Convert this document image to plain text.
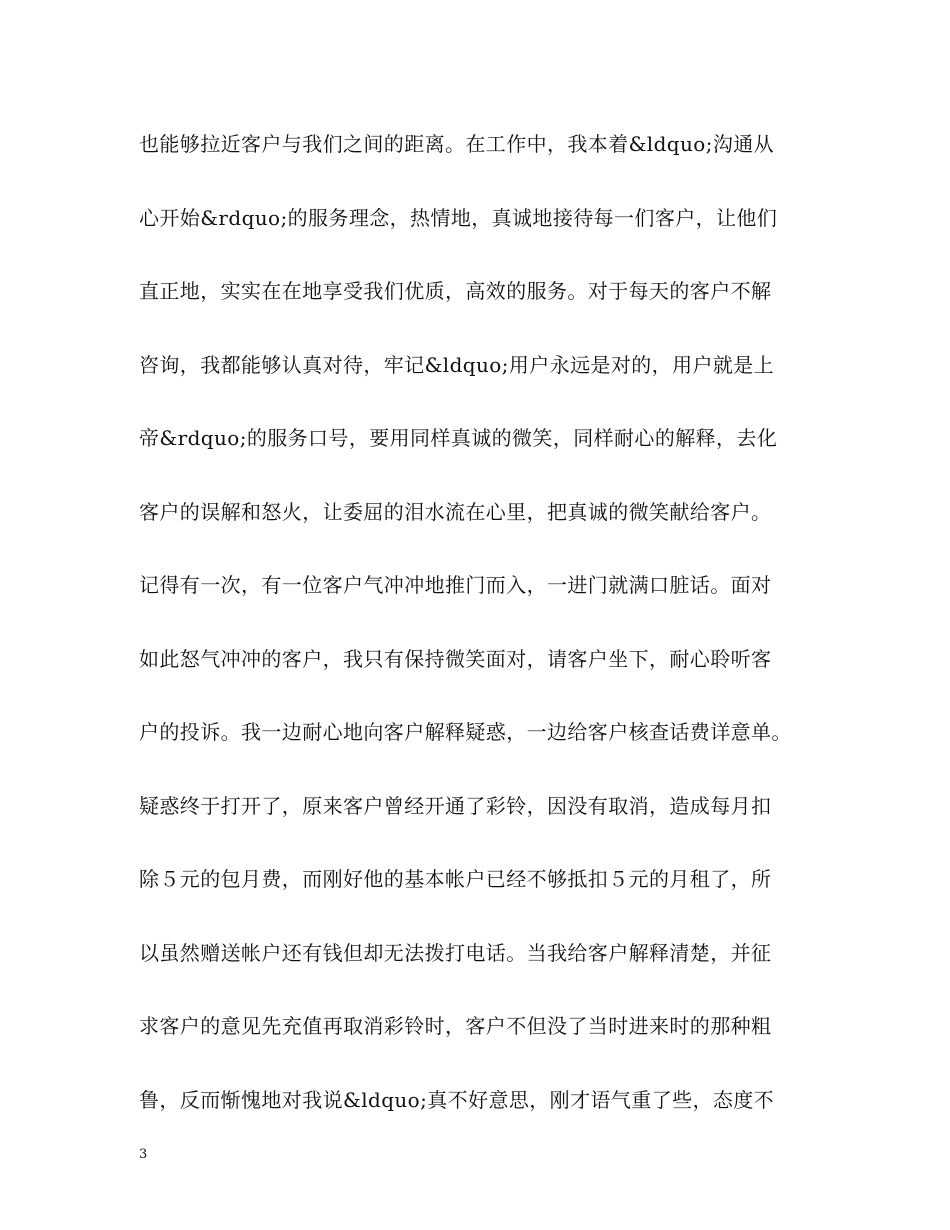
也能够拉近客户与我们之间的距离。在工作中，我本着&ldquo;沟通从
心开始&rdquo;的服务理念，热情地，真诚地接待每一们客户，让他们
直正地，实实在在地享受我们优质，高效的服务。对于每天的客户不解
咨询，我都能够认真对待，牢记&ldquo;用户永远是对的，用户就是上
帝&rdquo;的服务口号，要用同样真诚的微笑，同样耐心的解释，去化
客户的误解和怒火，让委屈的泪水流在心里，把真诚的微笑献给客户。
记得有一次，有一位客户气冲冲地推门而入，一进门就满口脏话。面对
如此怒气冲冲的客户，我只有保持微笑面对，请客户坐下，耐心聆听客
户的投诉。我一边耐心地向客户解释疑惑，一边给客户核查话费详意单。
疑惑终于打开了，原来客户曾经开通了彩铃，因没有取消，造成每月扣
除５元的包月费，而刚好他的基本帐户已经不够抵扣５元的月租了，所
以虽然赠送帐户还有钱但却无法拨打电话。当我给客户解释清楚，并征
求客户的意见先充值再取消彩铃时，客户不但没了当时进来时的那种粗
鲁，反而惭愧地对我说&ldquo;真不好意思，刚才语气重了些，态度不
3
